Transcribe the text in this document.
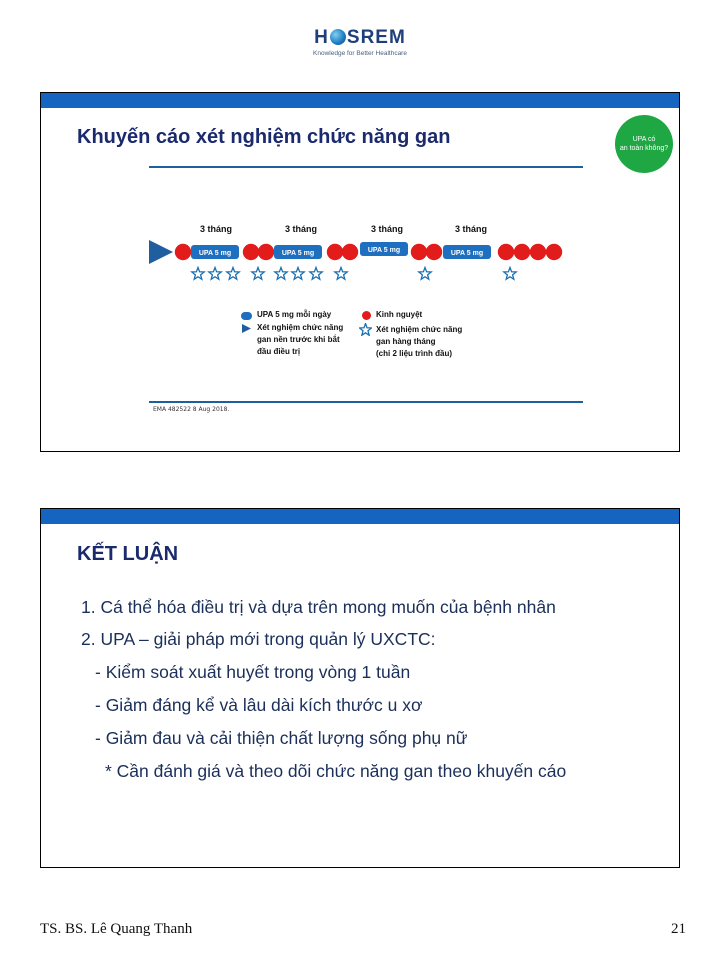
H SREM
Knowledge for Better Healthcare
Khuyến cáo xét nghiệm chức năng gan	UPA có
an toàn không?
3 tháng	3 tháng	3 tháng	3 tháng
UPA 5 mg	UPA 5 mg	UPA 5 mg	UPA 5 mg
UPA 5 mg mỗi ngày
Xét nghiệm chức năng
gan nền trước khi bắt
đầu điều trị
Kinh nguyệt
Xét nghiệm chức năng
gan hàng tháng
(chỉ 2 liệu trình đầu)
EMA 482522 8 Aug 2018.
KẾT LUẬN
1. Cá thể hóa điều trị và dựa trên mong muốn của bệnh nhân
2. UPA – giải pháp mới trong quản lý UXCTC:
- Kiểm soát xuất huyết trong vòng 1 tuần
- Giảm đáng kể và lâu dài kích thước u xơ
- Giảm đau và cải thiện chất lượng sống phụ nữ
* Cần đánh giá và theo dõi chức năng gan theo khuyến cáo
TS. BS. Lê Quang Thanh	21
